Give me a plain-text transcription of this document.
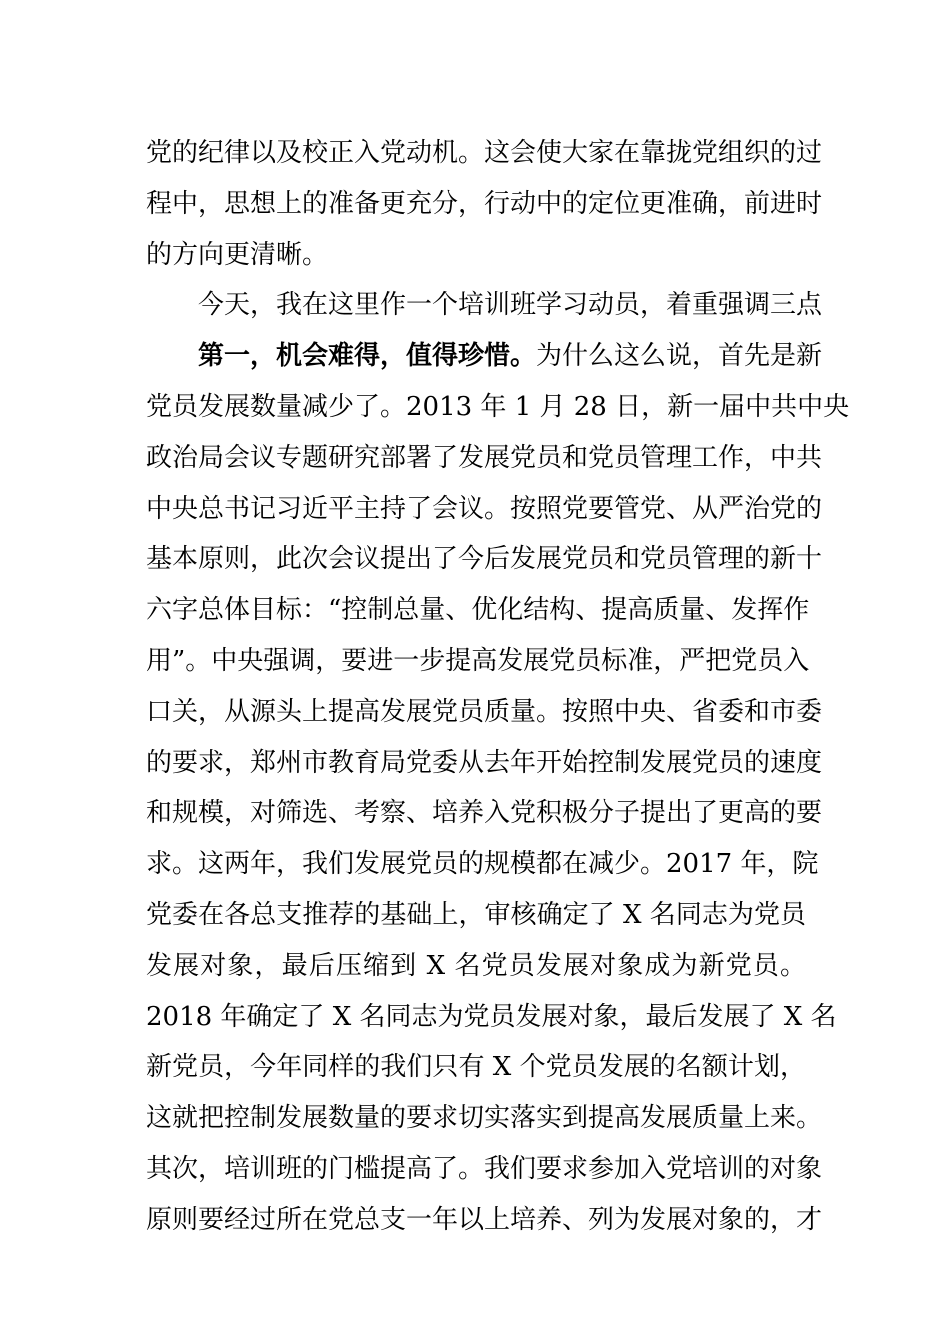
党的纪律以及校正入党动机。这会使大家在靠拢党组织的过
程中，思想上的准备更充分，行动中的定位更准确，前进时
的方向更清晰。
今天，我在这里作一个培训班学习动员，着重强调三点
第一，机会难得，值得珍惜。为什么这么说，首先是新
党员发展数量减少了。2013 年 1 月 28 日，新一届中共中央
政治局会议专题研究部署了发展党员和党员管理工作，中共
中央总书记习近平主持了会议。按照党要管党、从严治党的
基本原则，此次会议提出了今后发展党员和党员管理的新十
六字总体目标：“控制总量、优化结构、提高质量、发挥作
用”。中央强调，要进一步提高发展党员标准，严把党员入
口关，从源头上提高发展党员质量。按照中央、省委和市委
的要求，郑州市教育局党委从去年开始控制发展党员的速度
和规模，对筛选、考察、培养入党积极分子提出了更高的要
求。这两年，我们发展党员的规模都在减少。2017 年，院
党委在各总支推荐的基础上，审核确定了 X 名同志为党员
发展对象，最后压缩到 X 名党员发展对象成为新党员。
2018 年确定了 X 名同志为党员发展对象，最后发展了 X 名
新党员，今年同样的我们只有 X 个党员发展的名额计划，
这就把控制发展数量的要求切实落实到提高发展质量上来。
其次，培训班的门槛提高了。我们要求参加入党培训的对象
原则要经过所在党总支一年以上培养、列为发展对象的，才
